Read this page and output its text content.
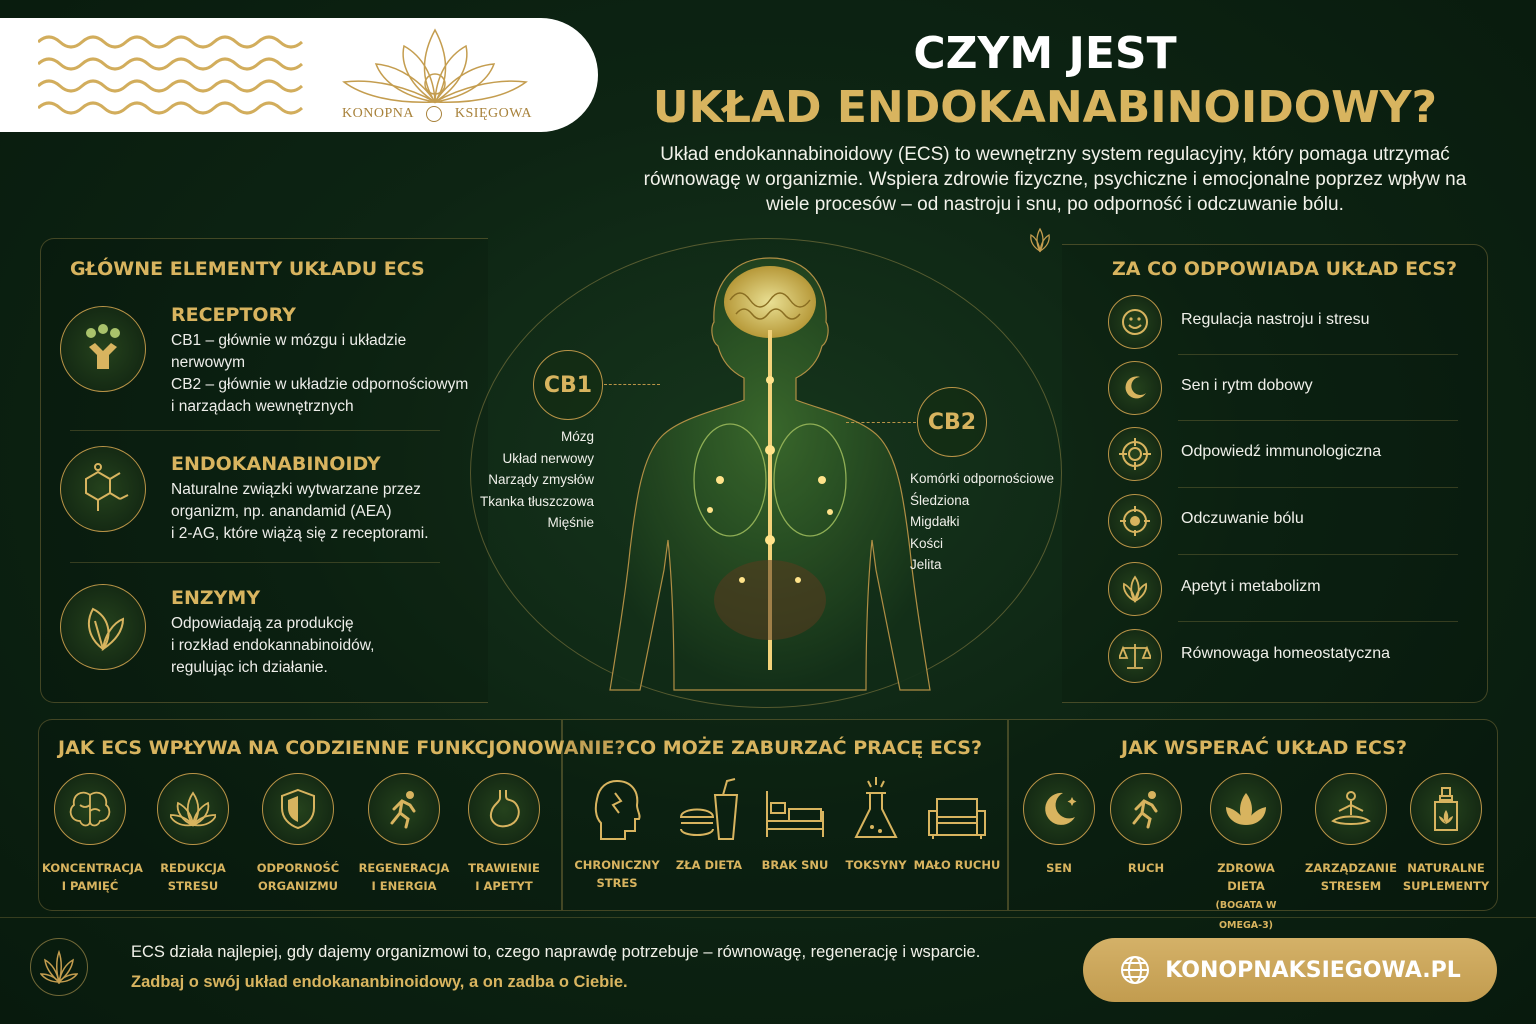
KONOPNA	KSIĘGOWA
CZYM JEST
UKŁAD ENDOKANABINOIDOWY?
Układ endokannabinoidowy (ECS) to wewnętrzny system regulacyjny, który pomaga utrzymać równowagę w organizmie. Wspiera zdrowie fizyczne, psychiczne i emocjonalne poprzez wpływ na wiele procesów – od nastroju i snu, po odporność i odczuwanie bólu.
GŁÓWNE ELEMENTY UKŁADU ECS
RECEPTORY
CB1 – głównie w mózgu i układzie
nerwowym
CB2 – głównie w układzie odpornościowym
i narządach wewnętrznych
ENDOKANABINOIDY
Naturalne związki wytwarzane przez
organizm, np. anandamid (AEA)
i 2-AG, które wiążą się z receptorami.
ENZYMY
Odpowiadają za produkcję
i rozkład endokannabinoidów,
regulując ich działanie.
CB1
Mózg
Układ nerwowy
Narządy zmysłów
Tkanka tłuszczowa
Mięśnie
CB2
Komórki odpornościowe
Śledziona
Migdałki
Kości
Jelita
ZA CO ODPOWIADA UKŁAD ECS?
Regulacja nastroju i stresu
Sen i rytm dobowy
Odpowiedź immunologiczna
Odczuwanie bólu
Apetyt i metabolizm
Równowaga homeostatyczna
JAK ECS WPŁYWA NA CODZIENNE FUNKCJONOWANIE? CO MOŻE ZABURZAĆ PRACĘ ECS?	JAK WSPERAĆ UKŁAD ECS?
KONCENTRACJA
I PAMIĘĆ
REDUKCJA
STRESU
ODPORNOŚĆ
ORGANIZMU
REGENERACJA
I ENERGIA
TRAWIENIE
I APETYT
CHRONICZNY
STRES
ZŁA DIETA	BRAK SNU	TOKSYNY MAŁO RUCHU	SEN	RUCH	ZDROWA DIETA
(BOGATA W OMEGA-3)
ZARZĄDZANIE
STRESEM
NATURALNE
SUPLEMENTY
ECS działa najlepiej, gdy dajemy organizmowi to, czego naprawdę potrzebuje – równowagę, regenerację i wsparcie.
Zadbaj o swój układ endokananbinoidowy, a on zadba o Ciebie.	KONOPNAKSIEGOWA.PL
